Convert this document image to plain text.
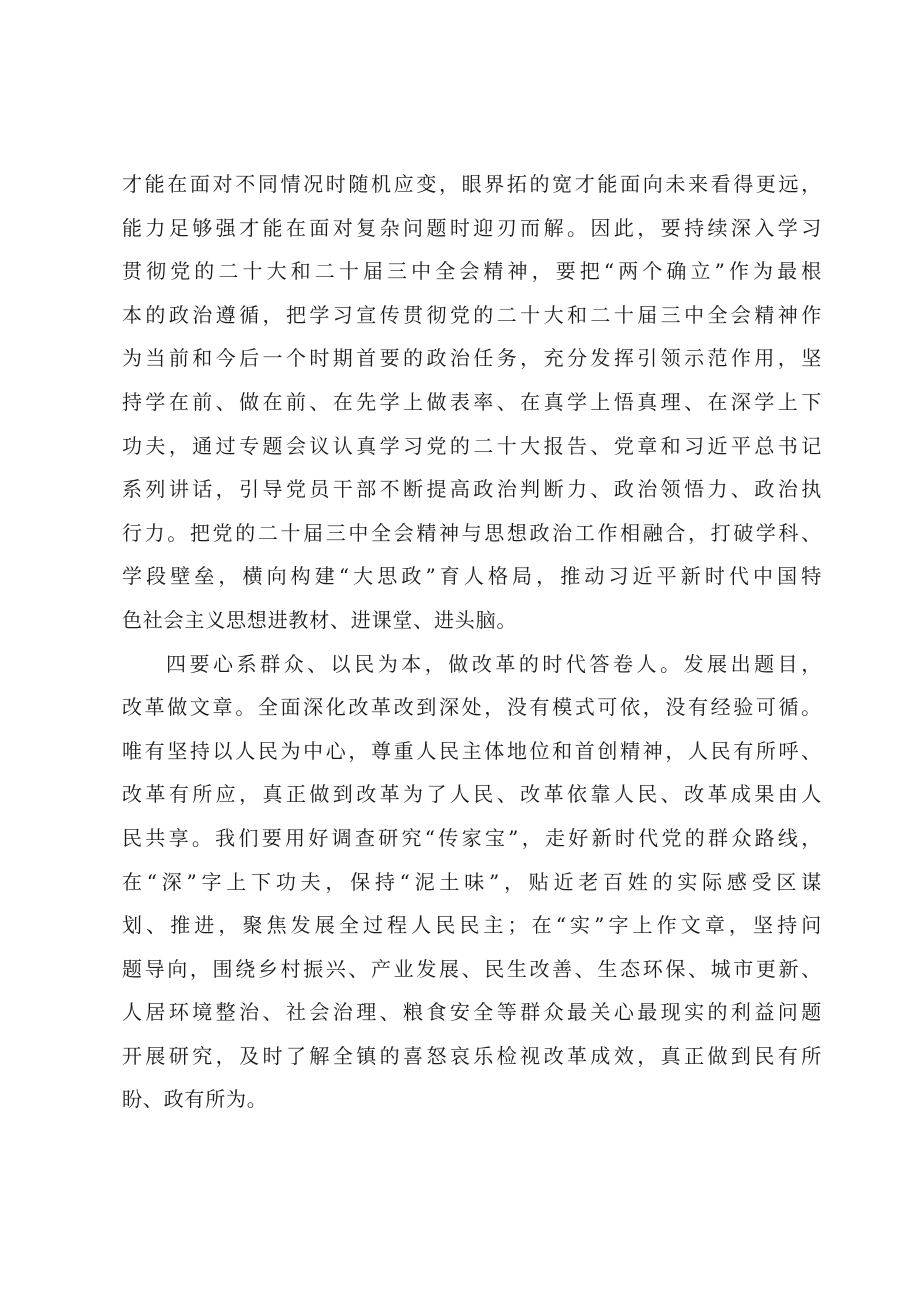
才能在面对不同情况时随机应变，眼界拓的宽才能面向未来看得更远，
能力足够强才能在面对复杂问题时迎刃而解。因此，要持续深入学习
贯彻党的二十大和二十届三中全会精神，要把“两个确立”作为最根
本的政治遵循，把学习宣传贯彻党的二十大和二十届三中全会精神作
为当前和今后一个时期首要的政治任务，充分发挥引领示范作用，坚
持学在前、做在前、在先学上做表率、在真学上悟真理、在深学上下
功夫，通过专题会议认真学习党的二十大报告、党章和习近平总书记
系列讲话，引导党员干部不断提高政治判断力、政治领悟力、政治执
行力。把党的二十届三中全会精神与思想政治工作相融合，打破学科、
学段壁垒，横向构建“大思政”育人格局，推动习近平新时代中国特
色社会主义思想进教材、进课堂、进头脑。
四要心系群众、以民为本，做改革的时代答卷人。发展出题目，
改革做文章。全面深化改革改到深处，没有模式可依，没有经验可循。
唯有坚持以人民为中心，尊重人民主体地位和首创精神，人民有所呼、
改革有所应，真正做到改革为了人民、改革依靠人民、改革成果由人
民共享。我们要用好调查研究“传家宝”，走好新时代党的群众路线，
在“深”字上下功夫，保持“泥土味”，贴近老百姓的实际感受区谋
划、推进，聚焦发展全过程人民民主；在“实”字上作文章，坚持问
题导向，围绕乡村振兴、产业发展、民生改善、生态环保、城市更新、
人居环境整治、社会治理、粮食安全等群众最关心最现实的利益问题
开展研究，及时了解全镇的喜怒哀乐检视改革成效，真正做到民有所
盼、政有所为。
